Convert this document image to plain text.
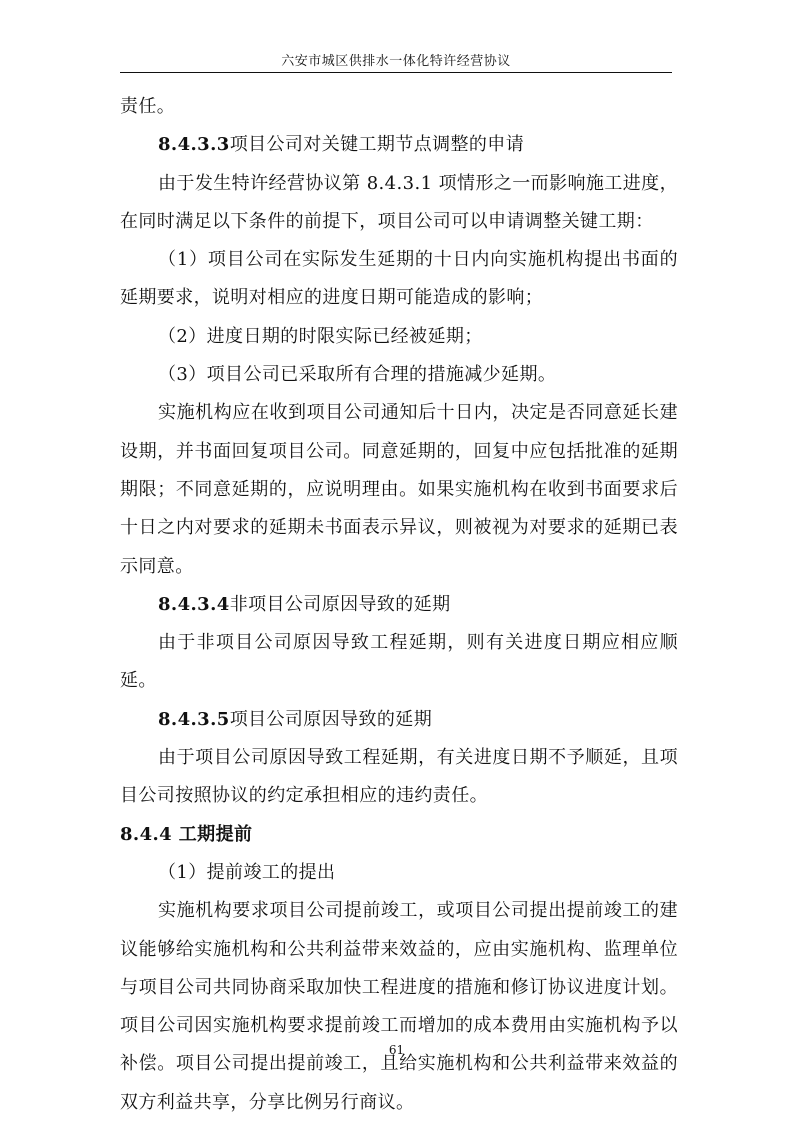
六安市城区供排水一体化特许经营协议

责任。

8.4.3.3项目公司对关键工期节点调整的申请

由于发生特许经营协议第 8.4.3.1 项情形之一而影响施工进度，在同时满足以下条件的前提下，项目公司可以申请调整关键工期：

（1）项目公司在实际发生延期的十日内向实施机构提出书面的延期要求，说明对相应的进度日期可能造成的影响；

（2）进度日期的时限实际已经被延期；

（3）项目公司已采取所有合理的措施减少延期。

实施机构应在收到项目公司通知后十日内，决定是否同意延长建设期，并书面回复项目公司。同意延期的，回复中应包括批准的延期期限；不同意延期的，应说明理由。如果实施机构在收到书面要求后十日之内对要求的延期未书面表示异议，则被视为对要求的延期已表示同意。

8.4.3.4非项目公司原因导致的延期

由于非项目公司原因导致工程延期，则有关进度日期应相应顺延。

8.4.3.5项目公司原因导致的延期

由于项目公司原因导致工程延期，有关进度日期不予顺延，且项目公司按照协议的约定承担相应的违约责任。

8.4.4 工期提前

（1）提前竣工的提出

实施机构要求项目公司提前竣工，或项目公司提出提前竣工的建议能够给实施机构和公共利益带来效益的，应由实施机构、监理单位与项目公司共同协商采取加快工程进度的措施和修订协议进度计划。项目公司因实施机构要求提前竣工而增加的成本费用由实施机构予以补偿。项目公司提出提前竣工，且给实施机构和公共利益带来效益的双方利益共享，分享比例另行商议。

61
